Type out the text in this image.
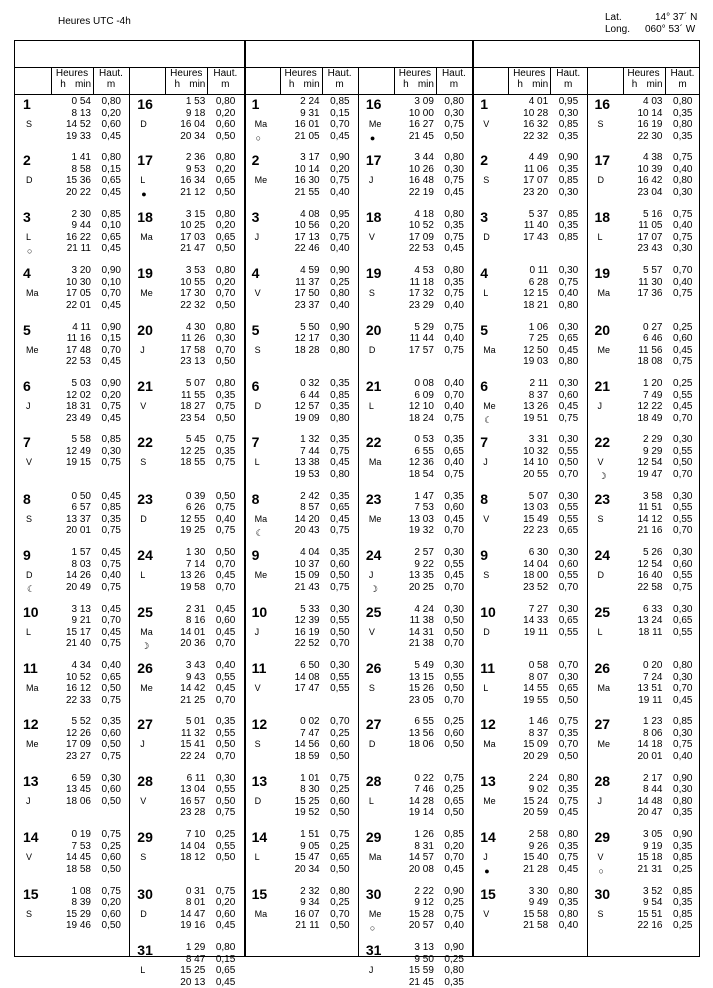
Heures UTC -4h	Lat.	14° 37´ N
Long. 060° 53´ W
Heures
h min
Haut.
m
1
S
0 54
8 13
14 52
19 33
0,80
0,20
0,60
0,45
2
D
1 41
8 58
15 36
20 22
0,80
0,15
0,65
0,45
3
L
○
2 30
9 44
16 22
21 11
0,85
0,10
0,65
0,45
4
Ma
3 20
10 30
17 05
22 01
0,90
0,10
0,70
0,45
5
Me
4 11
11 16
17 48
22 53
0,90
0,15
0,70
0,45
6
J
5 03
12 02
18 31
23 49
0,90
0,20
0,75
0,45
7
V
5 58
12 49
19 15
0,85
0,30
0,75
8
S
0 50
6 57
13 37
20 01
0,45
0,85
0,35
0,75
9
D
☾
1 57
8 03
14 26
20 49
0,45
0,75
0,40
0,75
10
L
3 13
9 21
15 17
21 40
0,45
0,70
0,45
0,75
11
Ma
4 34
10 52
16 12
22 33
0,40
0,65
0,50
0,75
12
Me
5 52
12 26
17 09
23 27
0,35
0,60
0,50
0,75
13
J
6 59
13 45
18 06
0,30
0,60
0,50
14
V
0 19
7 53
14 45
18 58
0,75
0,25
0,60
0,50
15
S
1 08
8 39
15 29
19 46
0,75
0,20
0,60
0,50
Heures
h min
Haut.
m
16
D
1 53
9 18
16 04
20 34
0,80
0,20
0,60
0,50
17
L
●
2 36
9 53
16 34
21 12
0,80
0,20
0,65
0,50
18
Ma
3 15
10 25
17 03
21 47
0,80
0,20
0,65
0,50
19
Me
3 53
10 55
17 30
22 32
0,80
0,20
0,70
0,50
20
J
4 30
11 26
17 58
23 13
0,80
0,30
0,70
0,50
21
V
5 07
11 55
18 27
23 54
0,80
0,35
0,75
0,50
22
S
5 45
12 25
18 55
0,75
0,35
0,75
23
D
0 39
6 26
12 55
19 25
0,50
0,75
0,40
0,75
24
L
1 30
7 14
13 26
19 58
0,50
0,70
0,45
0,70
25
Ma
☽
2 31
8 16
14 01
20 36
0,45
0,60
0,45
0,70
26
Me
3 43
9 43
14 42
21 25
0,40
0,55
0,45
0,70
27
J
5 01
11 32
15 41
22 24
0,35
0,55
0,50
0,70
28
V
6 11
13 04
16 57
23 28
0,30
0,55
0,50
0,75
29
S
7 10
14 04
18 12
0,25
0,55
0,50
30
D
0 31
8 01
14 47
19 16
0,75
0,20
0,60
0,45
31
L
1 29
8 47
15 25
20 13
0,80
0,15
0,65
0,45
Heures
h min
Haut.
m
1
Ma
○
2 24
9 31
16 01
21 05
0,85
0,15
0,70
0,45
2
Me
3 17
10 14
16 30
21 55
0,90
0,20
0,75
0,40
3
J
4 08
10 56
17 13
22 46
0,95
0,20
0,75
0,40
4
V
4 59
11 37
17 50
23 37
0,90
0,25
0,80
0,40
5
S
5 50
12 17
18 28
0,90
0,30
0,80
6
D
0 32
6 44
12 57
19 09
0,35
0,85
0,35
0,80
7
L
1 32
7 44
13 38
19 53
0,35
0,75
0,45
0,80
8
Ma
☾
2 42
8 57
14 20
20 43
0,35
0,65
0,45
0,75
9
Me
4 04
10 37
15 09
21 43
0,35
0,60
0,50
0,75
10
J
5 33
12 39
16 19
22 52
0,30
0,55
0,50
0,70
11
V
6 50
14 08
17 47
0,30
0,55
0,55
12
S
0 02
7 47
14 56
18 59
0,70
0,25
0,60
0,50
13
D
1 01
8 30
15 25
19 52
0,75
0,25
0,60
0,50
14
L
1 51
9 05
15 47
20 34
0,75
0,25
0,65
0,50
15
Ma
2 32
9 34
16 07
21 11
0,80
0,25
0,70
0,50
Heures
h min
Haut.
m
16
Me
●
3 09
10 00
16 27
21 45
0,80
0,30
0,75
0,50
17
J
3 44
10 26
16 48
22 19
0,80
0,30
0,75
0,45
18
V
4 18
10 52
17 09
22 53
0,80
0,35
0,75
0,45
19
S
4 53
11 18
17 32
23 29
0,80
0,35
0,75
0,40
20
D
5 29
11 44
17 57
0,75
0,40
0,75
21
L
0 08
6 09
12 10
18 24
0,40
0,70
0,40
0,75
22
Ma
0 53
6 55
12 36
18 54
0,35
0,65
0,40
0,75
23
Me
1 47
7 53
13 03
19 32
0,35
0,60
0,45
0,70
24
J
☽
2 57
9 22
13 35
20 25
0,30
0,55
0,45
0,70
25
V
4 24
11 38
14 31
21 38
0,30
0,50
0,50
0,70
26
S
5 49
13 15
15 26
23 05
0,30
0,55
0,50
0,70
27
D
6 55
13 56
18 06
0,25
0,60
0,50
28
L
0 22
7 46
14 28
19 14
0,75
0,25
0,65
0,50
29
Ma
1 26
8 31
14 57
20 08
0,85
0,20
0,70
0,45
30
Me
○
2 22
9 12
15 28
20 57
0,90
0,25
0,75
0,40
31
J
3 13
9 50
15 59
21 45
0,90
0,25
0,80
0,35
Heures
h min
Haut.
m
1
V
4 01
10 28
16 32
22 32
0,95
0,30
0,85
0,35
2
S
4 49
11 06
17 07
23 20
0,90
0,35
0,85
0,30
3
D
5 37
11 40
17 43
0,85
0,35
0,85
4
L
0 11
6 28
12 15
18 21
0,30
0,75
0,40
0,80
5
Ma
1 06
7 25
12 50
19 03
0,30
0,65
0,45
0,80
6
Me
☾
2 11
8 37
13 26
19 51
0,30
0,60
0,45
0,75
7
J
3 31
10 32
14 10
20 55
0,30
0,55
0,50
0,70
8
V
5 07
13 03
15 49
22 23
0,30
0,55
0,55
0,65
9
S
6 30
14 04
18 00
23 52
0,30
0,60
0,55
0,70
10
D
7 27
14 33
19 11
0,30
0,65
0,55
11
L
0 58
8 07
14 55
19 55
0,70
0,30
0,65
0,50
12
Ma
1 46
8 37
15 09
20 29
0,75
0,35
0,70
0,50
13
Me
2 24
9 02
15 24
20 59
0,80
0,35
0,75
0,45
14
J
●
2 58
9 26
15 40
21 28
0,80
0,35
0,75
0,45
15
V
3 30
9 49
15 58
21 58
0,80
0,35
0,80
0,40
Heures
h min
Haut.
m
16
S
4 03
10 14
16 19
22 30
0,80
0,35
0,80
0,35
17
D
4 38
10 39
16 42
23 04
0,75
0,40
0,80
0,30
18
L
5 16
11 05
17 07
23 43
0,75
0,40
0,75
0,30
19
Ma
5 57
11 30
17 36
0,70
0,40
0,75
20
Me
0 27
6 46
11 56
18 08
0,25
0,60
0,45
0,75
21
J
1 20
7 49
12 22
18 49
0,25
0,55
0,45
0,70
22
V
☽
2 29
9 29
12 54
19 47
0,30
0,55
0,50
0,70
23
S
3 58
11 51
14 12
21 16
0,30
0,55
0,55
0,70
24
D
5 26
12 54
16 40
22 58
0,30
0,60
0,55
0,75
25
L
6 33
13 24
18 11
0,30
0,65
0,55
26
Ma
0 20
7 24
13 51
19 11
0,80
0,30
0,70
0,45
27
Me
1 23
8 06
14 18
20 01
0,85
0,30
0,75
0,40
28
J
2 17
8 44
14 48
20 47
0,90
0,30
0,80
0,35
29
V
○
3 05
9 19
15 18
21 31
0,90
0,35
0,85
0,25
30
S
3 52
9 54
15 51
22 16
0,85
0,35
0,85
0,25
